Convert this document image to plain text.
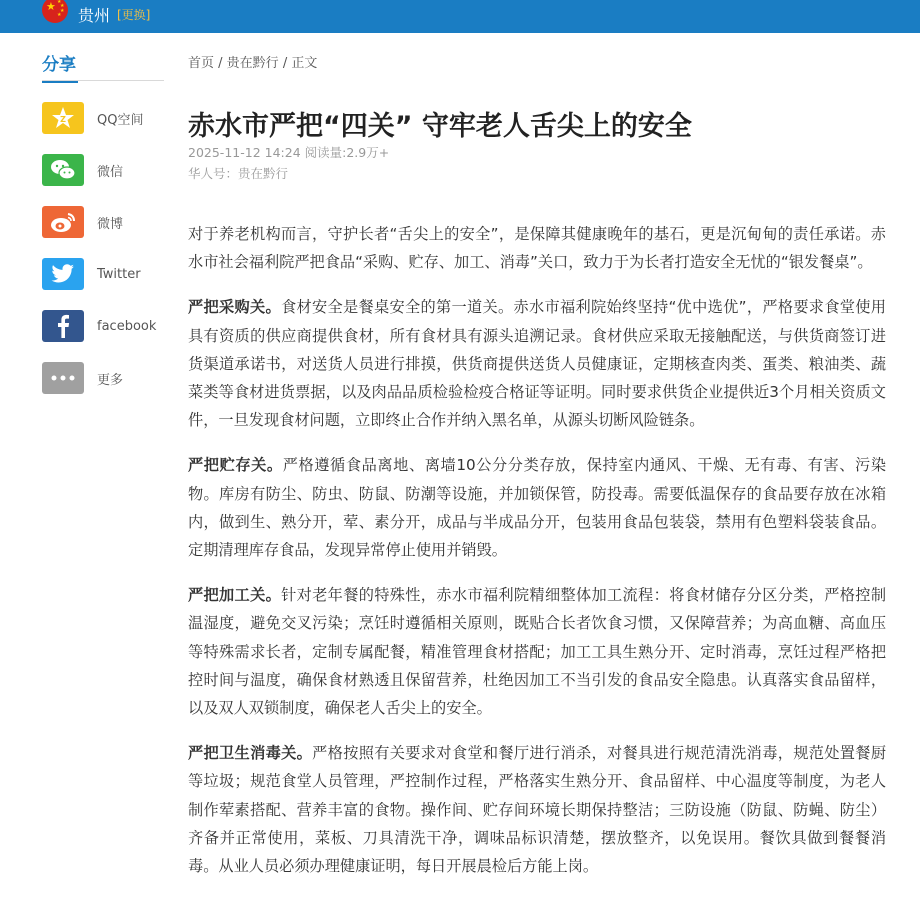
★ ★
★
★
★ 贵州 [更换]
分享
Z QQ空间
微信
微博
Twitter
facebook
更多
首页 / 贵在黔行 / 正文
赤水市严把“四关” 守牢老人舌尖上的安全
2025-11-12 14:24 阅读量:2.9万+
华人号：贵在黔行

对于养老机构而言，守护长者“舌尖上的安全”，是保障其健康晚年的基石，更是沉甸甸的责任承诺。赤水市社会福利院严把食品“采购、贮存、加工、消毒”关口，致力于为长者打造安全无忧的“银发餐桌”。

严把采购关。食材安全是餐桌安全的第一道关。赤水市福利院始终坚持“优中选优”，严格要求食堂使用具有资质的供应商提供食材，所有食材具有源头追溯记录。食材供应采取无接触配送，与供货商签订进货渠道承诺书，对送货人员进行排摸，供货商提供送货人员健康证，定期核查肉类、蛋类、粮油类、蔬菜类等食材进货票据，以及肉品品质检验检疫合格证等证明。同时要求供货企业提供近3个月相关资质文件，一旦发现食材问题，立即终止合作并纳入黑名单，从源头切断风险链条。

严把贮存关。严格遵循食品离地、离墙10公分分类存放，保持室内通风、干燥、无有毒、有害、污染物。库房有防尘、防虫、防鼠、防潮等设施，并加锁保管，防投毒。需要低温保存的食品要存放在冰箱内，做到生、熟分开，荤、素分开，成品与半成品分开，包装用食品包装袋，禁用有色塑料袋装食品。定期清理库存食品，发现异常停止使用并销毁。

严把加工关。针对老年餐的特殊性，赤水市福利院精细整体加工流程：将食材储存分区分类，严格控制温湿度，避免交叉污染；烹饪时遵循相关原则，既贴合长者饮食习惯，又保障营养；为高血糖、高血压等特殊需求长者，定制专属配餐，精准管理食材搭配；加工工具生熟分开、定时消毒，烹饪过程严格把控时间与温度，确保食材熟透且保留营养，杜绝因加工不当引发的食品安全隐患。认真落实食品留样，以及双人双锁制度，确保老人舌尖上的安全。

严把卫生消毒关。严格按照有关要求对食堂和餐厅进行消杀，对餐具进行规范清洗消毒，规范处置餐厨等垃圾；规范食堂人员管理，严控制作过程，严格落实生熟分开、食品留样、中心温度等制度，为老人制作荤素搭配、营养丰富的食物。操作间、贮存间环境长期保持整洁；三防设施（防鼠、防蝇、防尘）齐备并正常使用，菜板、刀具清洗干净，调味品标识清楚，摆放整齐，以免误用。餐饮具做到餐餐消毒。从业人员必须办理健康证明，每日开展晨检后方能上岗。
